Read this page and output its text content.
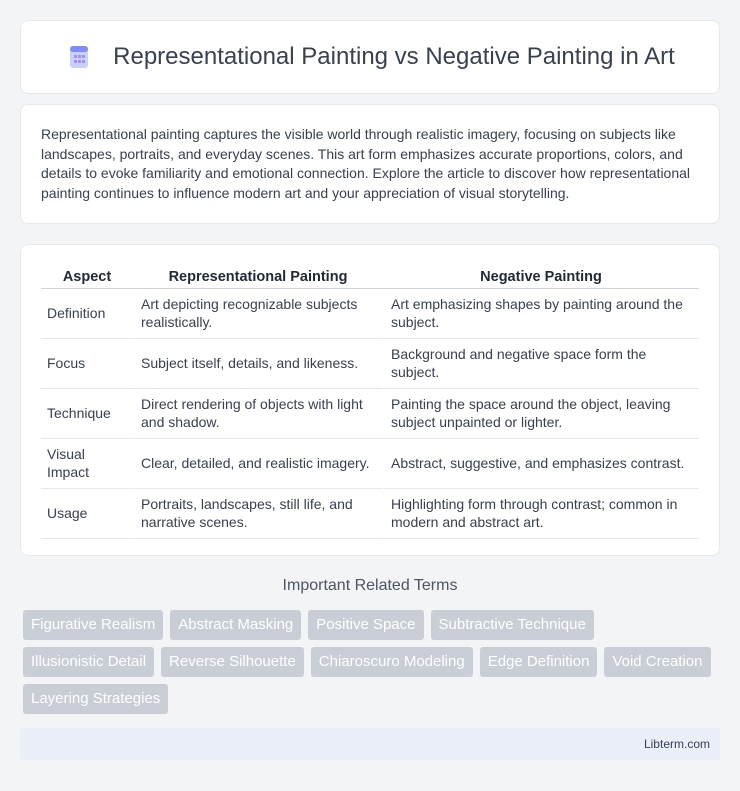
Representational Painting vs Negative Painting in Art

Representational painting captures the visible world through realistic imagery, focusing on subjects like landscapes, portraits, and everyday scenes. This art form emphasizes accurate proportions, colors, and details to evoke familiarity and emotional connection. Explore the article to discover how representational painting continues to influence modern art and your appreciation of visual storytelling.

Aspect	Representational Painting	Negative Painting
Definition	Art depicting recognizable subjects realistically.	Art emphasizing shapes by painting around the subject.
Focus	Subject itself, details, and likeness.	Background and negative space form the subject.
Technique	Direct rendering of objects with light and shadow.	Painting the space around the object, leaving subject unpainted or lighter.
Visual Impact	Clear, detailed, and realistic imagery.	Abstract, suggestive, and emphasizes contrast.
Usage	Portraits, landscapes, still life, and narrative scenes.	Highlighting form through contrast; common in modern and abstract art.
Important Related Terms
Figurative Realism	Abstract Masking	Positive Space	Subtractive Technique
Illusionistic Detail	Reverse Silhouette	Chiaroscuro Modeling	Edge Definition	Void Creation
Layering Strategies
Libterm.com
